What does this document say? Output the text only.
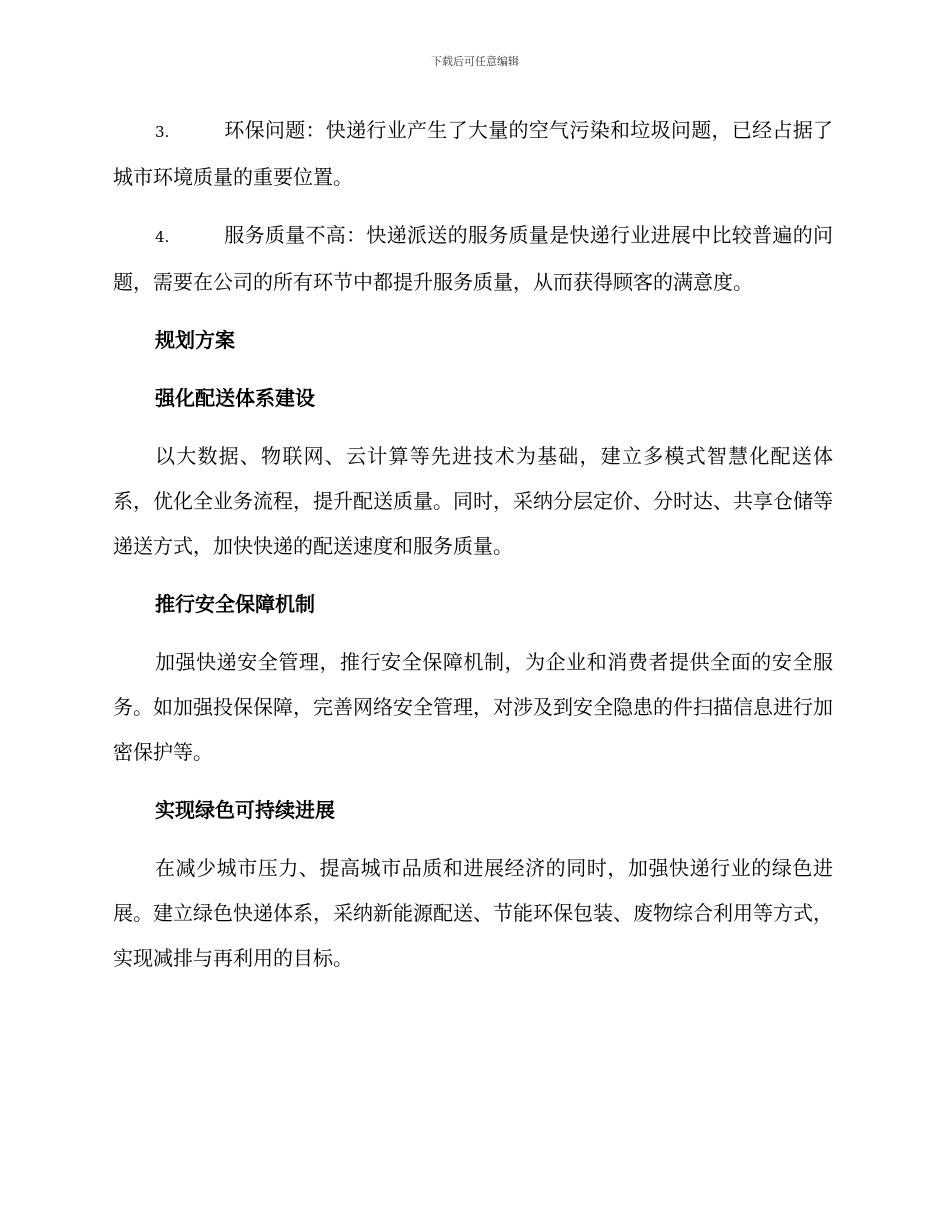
下载后可任意编辑

3.	环保问题：快递行业产生了大量的空气污染和垃圾问题，已经占据了城市环境质量的重要位置。

4.	服务质量不高：快递派送的服务质量是快递行业进展中比较普遍的问题，需要在公司的所有环节中都提升服务质量，从而获得顾客的满意度。

规划方案

强化配送体系建设

以大数据、物联网、云计算等先进技术为基础，建立多模式智慧化配送体系，优化全业务流程，提升配送质量。同时，采纳分层定价、分时达、共享仓储等递送方式，加快快递的配送速度和服务质量。

推行安全保障机制

加强快递安全管理，推行安全保障机制，为企业和消费者提供全面的安全服务。如加强投保保障，完善网络安全管理，对涉及到安全隐患的件扫描信息进行加密保护等。

实现绿色可持续进展

在减少城市压力、提高城市品质和进展经济的同时，加强快递行业的绿色进展。建立绿色快递体系，采纳新能源配送、节能环保包装、废物综合利用等方式，实现减排与再利用的目标。
